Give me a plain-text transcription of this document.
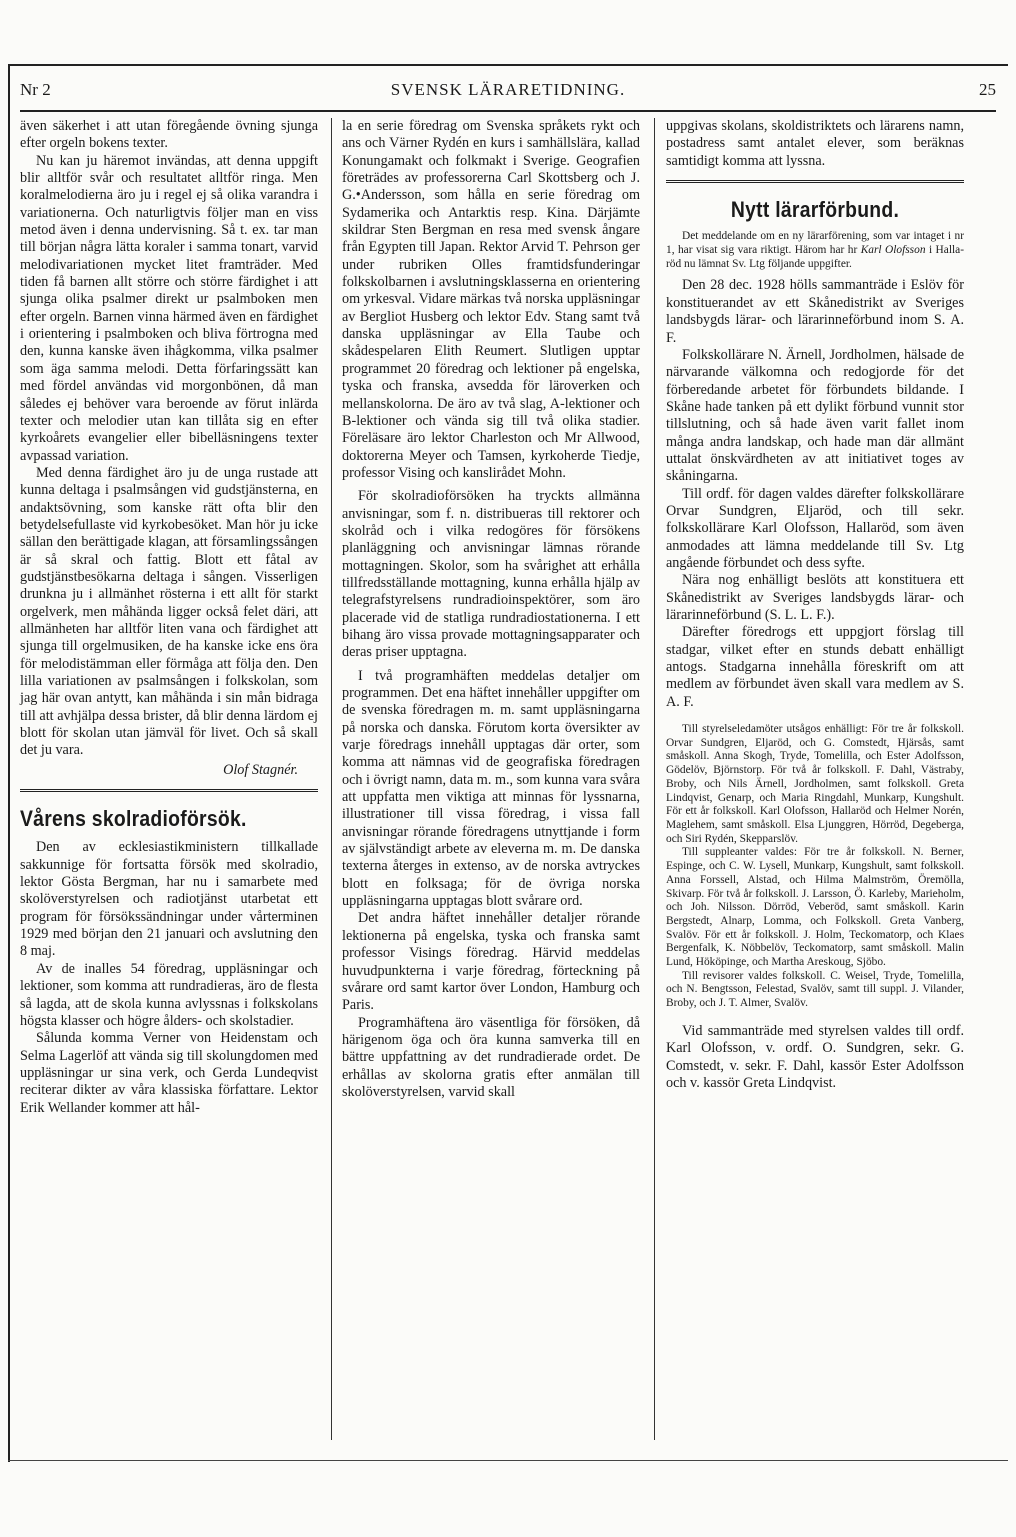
Nr 2	SVENSK LÄRARETIDNING.	25

även säkerhet i att utan föregående övning sjunga efter orgeln bokens texter.

Nu kan ju häremot invändas, att denna uppgift blir alltför svår och resultatet alltför ringa. Men koralmelodierna äro ju i regel ej så olika varandra i variationerna. Och naturligtvis följer man en viss metod även i denna undervisning. Så t. ex. tar man till början några lätta koraler i samma tonart, varvid melodivariationen mycket litet framträder. Med tiden få barnen allt större och större färdighet i att sjunga olika psalmer direkt ur psalmboken men efter orgeln. Barnen vinna härmed även en färdighet i orientering i psalmboken och bliva förtrogna med den, kunna kanske även ihågkomma, vilka psalmer som äga samma melodi. Detta förfaringssätt kan med fördel användas vid morgonbönen, då man således ej behöver vara beroende av förut inlärda texter och melodier utan kan tillåta sig en efter kyrkoårets evangelier eller bibelläsningens texter avpassad variation.

Med denna färdighet äro ju de unga rustade att kunna deltaga i psalmsången vid gudstjänsterna, en andaktsövning, som kanske rätt ofta blir den betydelsefullaste vid kyrkobesöket. Man hör ju icke sällan den berättigade klagan, att församlingssången är så skral och fattig. Blott ett fåtal av gudstjänstbesökarna deltaga i sången. Visserligen drunkna ju i allmänhet rösterna i ett allt för starkt orgelverk, men måhända ligger också felet däri, att allmänheten har alltför liten vana och färdighet att sjunga till orgelmusiken, de ha kanske icke ens öra för melodistämman eller förmåga att följa den. Den lilla variationen av psalmsången i folkskolan, som jag här ovan antytt, kan måhända i sin mån bidraga till att avhjälpa dessa brister, då blir denna lärdom ej blott för skolan utan jämväl för livet. Och så skall det ju vara.

Olof Stagnér.
Vårens skolradioförsök.

Den av ecklesiastikministern tillkallade sakkunnige för fortsatta försök med skolradio, lektor Gösta Bergman, har nu i samarbete med skolöverstyrelsen och radiotjänst utarbetat ett program för försökssändningar under vårterminen 1929 med början den 21 januari och avslutning den 8 maj.

Av de inalles 54 föredrag, uppläsningar och lektioner, som komma att rundradieras, äro de flesta så lagda, att de skola kunna avlyssnas i folkskolans högsta klasser och högre ålders- och skolstadier.

Sålunda komma Verner von Heidenstam och Selma Lagerlöf att vända sig till skolungdomen med uppläsningar ur sina verk, och Gerda Lundeqvist reciterar dikter av våra klassiska författare. Lektor Erik Wellander kommer att hål-

la en serie föredrag om Svenska språkets rykt och ans och Värner Rydén en kurs i samhällslära, kallad Konungamakt och folkmakt i Sverige. Geografien företrädes av professorerna Carl Skottsberg och J. G.•Andersson, som hålla en serie föredrag om Sydamerika och Antarktis resp. Kina. Därjämte skildrar Sten Bergman en resa med svensk ångare från Egypten till Japan. Rektor Arvid T. Pehrson ger under rubriken Olles framtidsfunderingar folkskolbarnen i avslutningsklasserna en orientering om yrkesval. Vidare märkas två norska uppläsningar av Bergliot Husberg och lektor Edv. Stang samt två danska uppläsningar av Ella Taube och skådespelaren Elith Reumert. Slutligen upptar programmet 20 föredrag och lektioner på engelska, tyska och franska, avsedda för läroverken och mellanskolorna. De äro av två slag, A-lektioner och B-lektioner och vända sig till två olika stadier. Föreläsare äro lektor Charleston och Mr Allwood, doktorerna Meyer och Tamsen, kyrkoherde Tiedje, professor Vising och kanslirådet Mohn.

För skolradioförsöken ha tryckts allmänna anvisningar, som f. n. distribueras till rektorer och skolråd och i vilka redogöres för försökens planläggning och anvisningar lämnas rörande mottagningen. Skolor, som ha svårighet att erhålla tillfredsställande mottagning, kunna erhålla hjälp av telegrafstyrelsens rundradioinspektörer, som äro placerade vid de statliga rundradiostationerna. I ett bihang äro vissa provade mottagningsapparater och deras priser upptagna.

I två programhäften meddelas detaljer om programmen. Det ena häftet innehåller uppgifter om de svenska föredragen m. m. samt uppläsningarna på norska och danska. Förutom korta översikter av varje föredrags innehåll upptagas där orter, som komma att nämnas vid de geografiska föredragen och i övrigt namn, data m. m., som kunna vara svåra att uppfatta men viktiga att minnas för lyssnarna, illustrationer till vissa föredrag, i vissa fall anvisningar rörande föredragens utnyttjande i form av självständigt arbete av eleverna m. m. De danska texterna återges in extenso, av de norska avtryckes blott en folksaga; för de övriga norska uppläsningarna upptagas blott svårare ord.

Det andra häftet innehåller detaljer rörande lektionerna på engelska, tyska och franska samt professor Visings föredrag. Härvid meddelas huvudpunkterna i varje föredrag, förteckning på svårare ord samt kartor över London, Hamburg och Paris.

Programhäftena äro väsentliga för försöken, då härigenom öga och öra kunna samverka till en bättre uppfattning av det rundradierade ordet. De erhållas av skolorna gratis efter anmälan till skolöverstyrelsen, varvid skall

uppgivas skolans, skoldistriktets och lärarens namn, postadress samt antalet elever, som beräknas samtidigt komma att lyssna.

Nytt lärarförbund.

Det meddelande om en ny lärarförening, som var intaget i nr 1, har visat sig vara riktigt. Härom har hr Karl Olofsson i Halla-röd nu lämnat Sv. Ltg följande uppgifter.

Den 28 dec. 1928 hölls sammanträde i Eslöv för konstituerandet av ett Skånedistrikt av Sveriges landsbygds lärar- och lärarinneförbund inom S. A. F.

Folkskollärare N. Ärnell, Jordholmen, hälsade de närvarande välkomna och redogjorde för det förberedande arbetet för förbundets bildande. I Skåne hade tanken på ett dylikt förbund vunnit stor tillslutning, och så hade även varit fallet inom många andra landskap, och hade man där allmänt uttalat önskvärdheten av att initiativet toges av skåningarna.

Till ordf. för dagen valdes därefter folkskollärare Orvar Sundgren, Eljaröd, och till sekr. folkskollärare Karl Olofsson, Hallaröd, som även anmodades att lämna meddelande till Sv. Ltg angående förbundet och dess syfte.

Nära nog enhälligt beslöts att konstituera ett Skånedistrikt av Sveriges landsbygds lärar- och lärarinneförbund (S. L. L. F.).

Därefter föredrogs ett uppgjort förslag till stadgar, vilket efter en stunds debatt enhälligt antogs. Stadgarna innehålla föreskrift om att medlem av förbundet även skall vara medlem av S. A. F.

Till styrelseledamöter utsågos enhälligt: För tre år folkskoll. Orvar Sundgren, Eljaröd, och G. Comstedt, Hjärsås, samt småskoll. Anna Skogh, Tryde, Tomelilla, och Ester Adolfsson, Gödelöv, Björnstorp. För två år folkskoll. F. Dahl, Västraby, Broby, och Nils Ärnell, Jordholmen, samt folkskoll. Greta Lindqvist, Genarp, och Maria Ringdahl, Munkarp, Kungshult. För ett år folkskoll. Karl Olofsson, Hallaröd och Helmer Norén, Maglehem, samt småskoll. Elsa Ljunggren, Hörröd, Degeberga, och Siri Rydén, Skepparslöv.

Till suppleanter valdes: För tre år folkskoll. N. Berner, Espinge, och C. W. Lysell, Munkarp, Kungshult, samt folkskoll. Anna Forssell, Alstad, och Hilma Malmström, Öremölla, Skivarp. För två år folkskoll. J. Larsson, Ö. Karleby, Marieholm, och Joh. Nilsson. Dörröd, Veberöd, samt småskoll. Karin Bergstedt, Alnarp, Lomma, och Folkskoll. Greta Vanberg, Svalöv. För ett år folkskoll. J. Holm, Teckomatorp, och Klaes Bergenfalk, K. Nöbbelöv, Teckomatorp, samt småskoll. Malin Lund, Hököpinge, och Martha Areskoug, Sjöbo.

Till revisorer valdes folkskoll. C. Weisel, Tryde, Tomelilla, och N. Bengtsson, Felestad, Svalöv, samt till suppl. J. Vilander, Broby, och J. T. Almer, Svalöv.

Vid sammanträde med styrelsen valdes till ordf. Karl Olofsson, v. ordf. O. Sundgren, sekr. G. Comstedt, v. sekr. F. Dahl, kassör Ester Adolfsson och v. kassör Greta Lindqvist.
